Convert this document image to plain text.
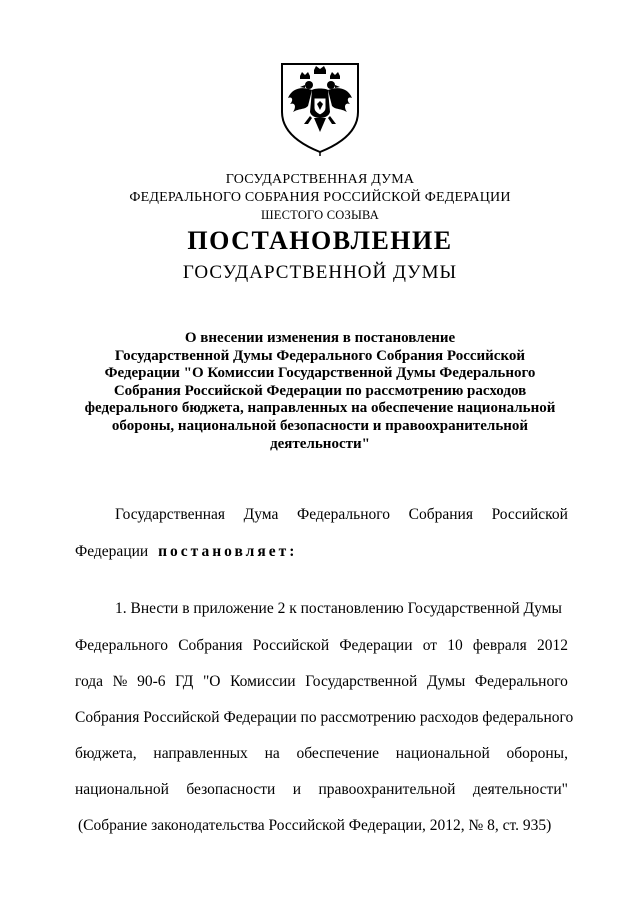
ГОСУДАРСТВЕННАЯ ДУМА
ФЕДЕРАЛЬНОГО СОБРАНИЯ РОССИЙСКОЙ ФЕДЕРАЦИИ
ШЕСТОГО СОЗЫВА
ПОСТАНОВЛЕНИЕ
ГОСУДАРСТВЕННОЙ ДУМЫ
О внесении изменения в постановление
Государственной Думы Федерального Собрания Российской
Федерации "О Комиссии Государственной Думы Федерального
Собрания Российской Федерации по рассмотрению расходов
федерального бюджета, направленных на обеспечение национальной
обороны, национальной безопасности и правоохранительной
деятельности"
Государственная Дума Федерального Собрания Российской
Федерации постановляет:
1. Внести в приложение 2 к постановлению Государственной Думы
Федерального Собрания Российской Федерации от 10 февраля 2012
года № 90-6 ГД "О Комиссии Государственной Думы Федерального
Собрания Российской Федерации по рассмотрению расходов федерального
бюджета, направленных на обеспечение национальной обороны,
национальной безопасности и правоохранительной деятельности"
(Собрание законодательства Российской Федерации, 2012, № 8, ст. 935)
